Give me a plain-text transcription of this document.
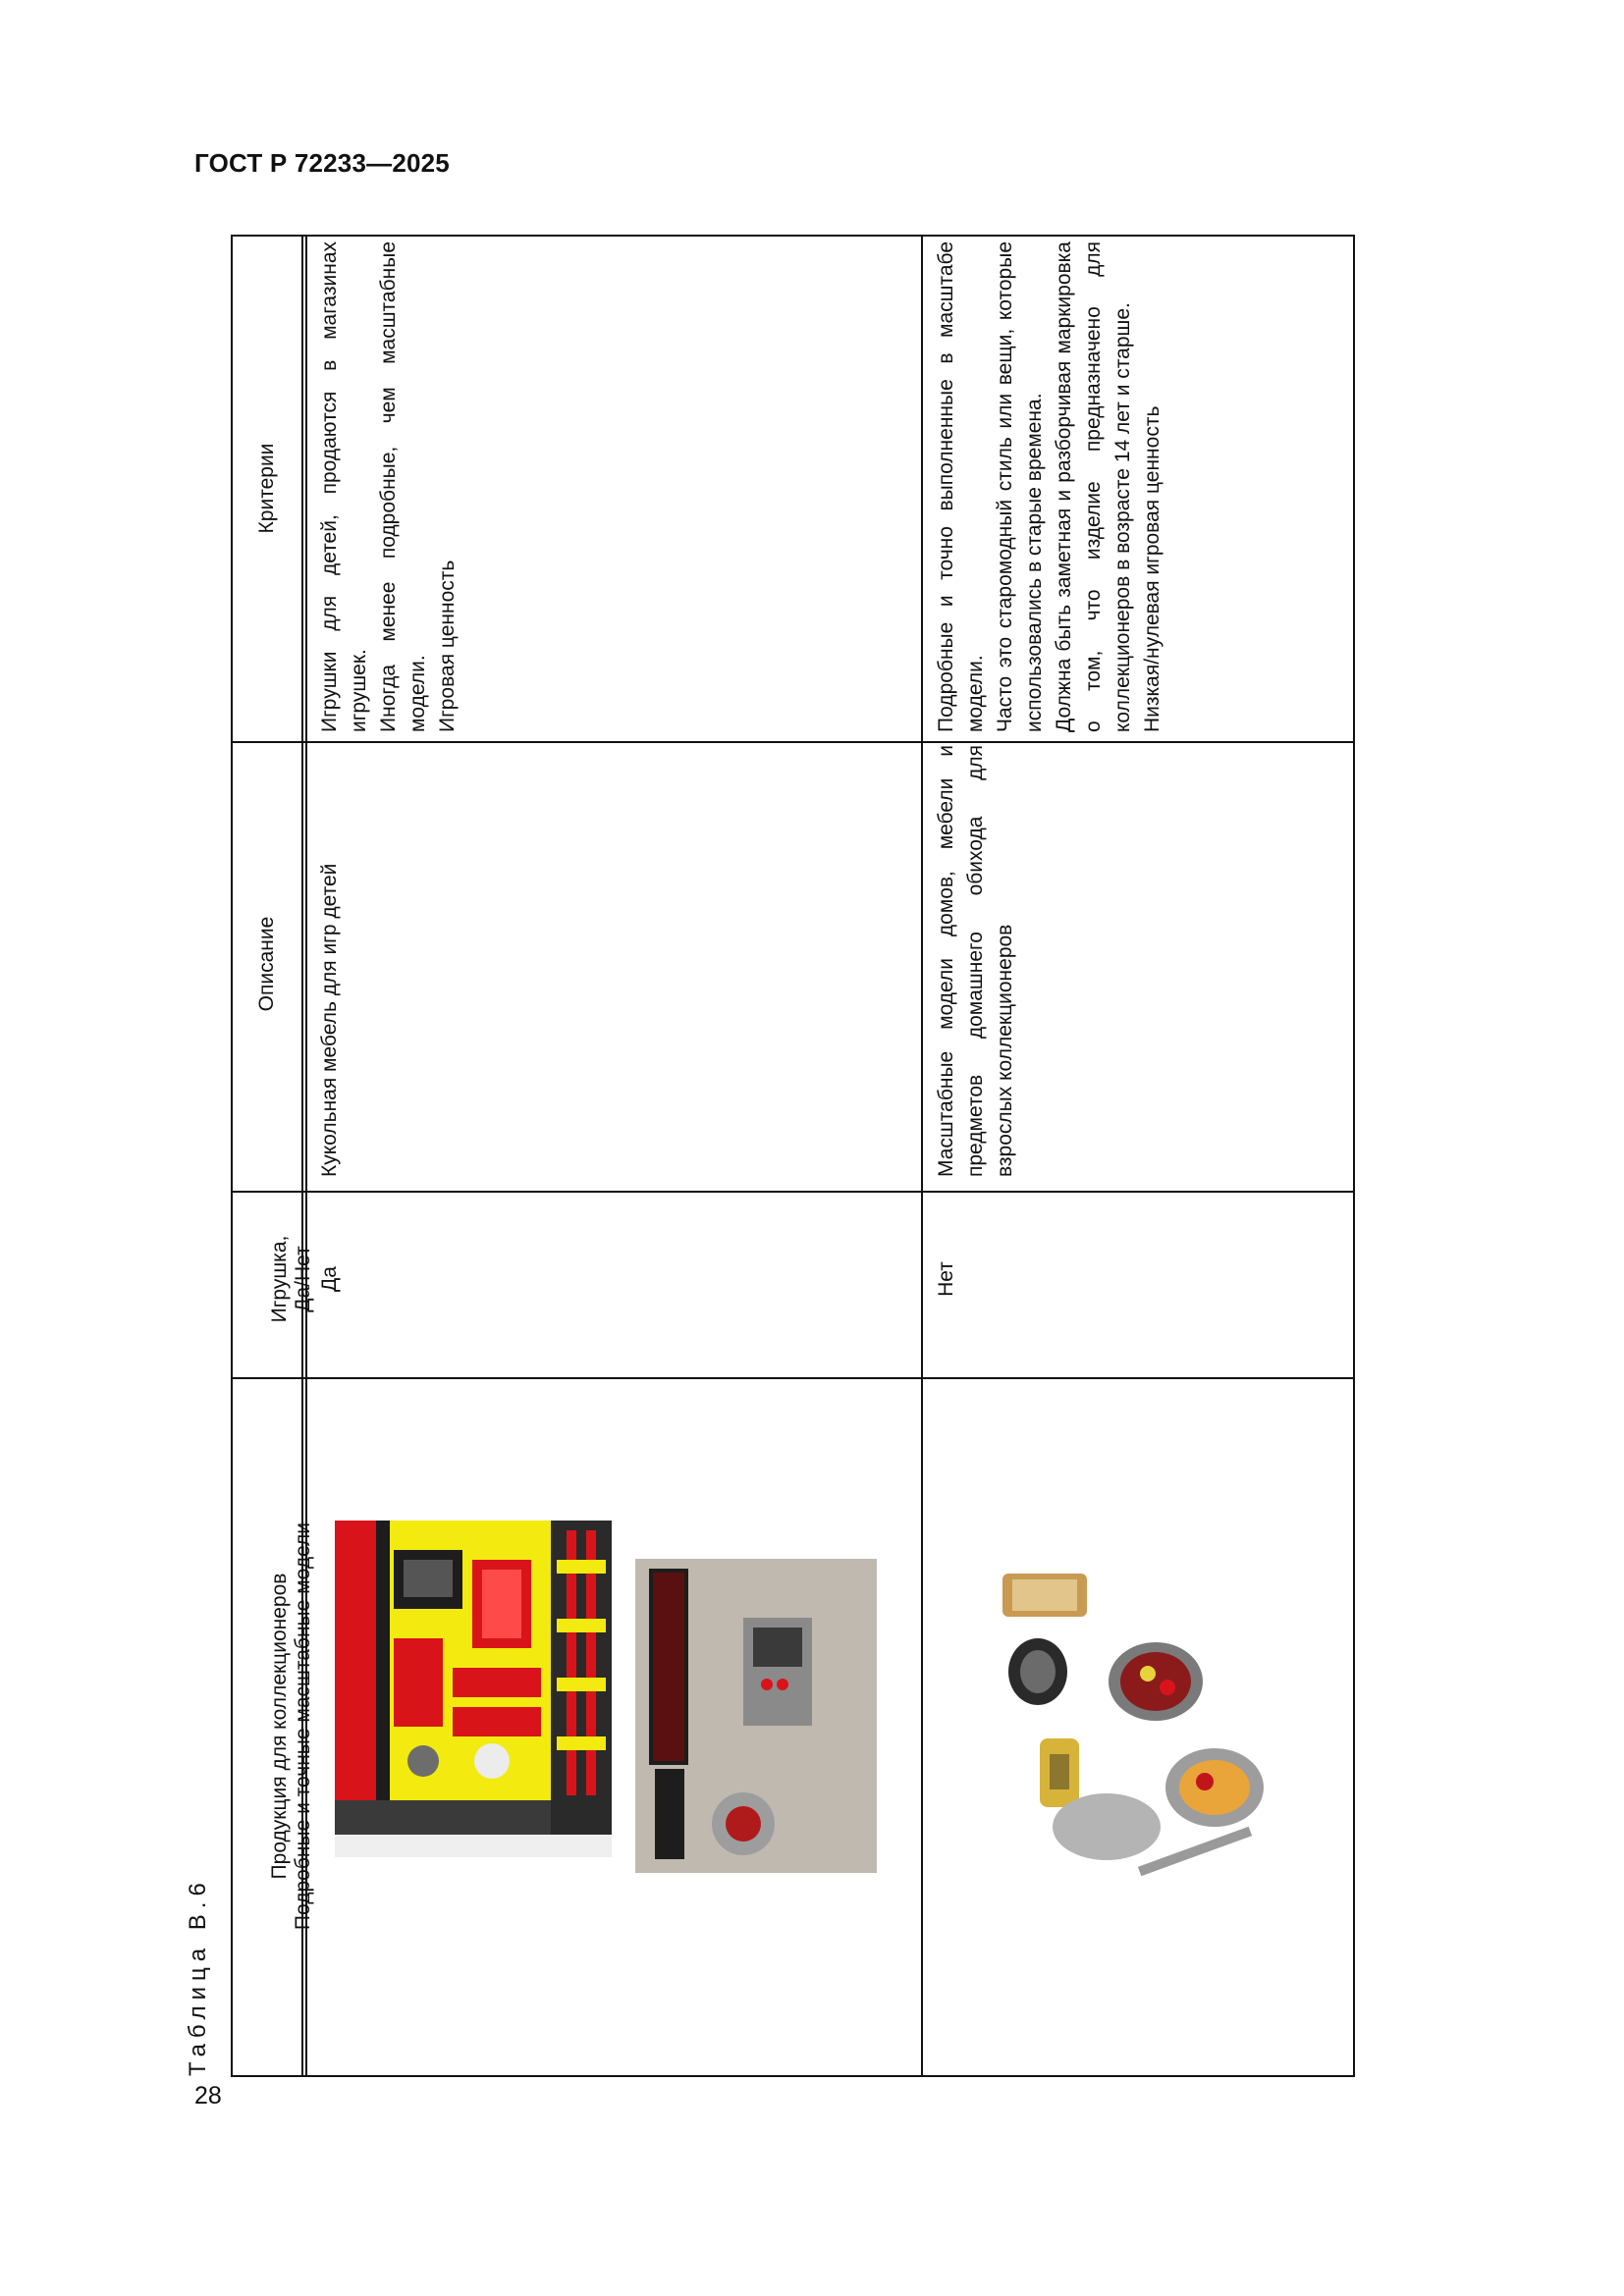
ГОСТ Р 72233—2025
28
Таблица В.6
Критерии
Описание

Игрушка,
Да/Нет

Продукция для коллекционеров
Подробные и точные масштабные модели

Игрушки для детей, продаются в магазинах игрушек. Иногда менее подробные, чем масштабные модели. Игровая ценность

Кукольная мебель для игр детей
Да

Подробные и точно выполненные в масштабе модели. Часто это старомодный стиль или вещи, которые использовались в старые времена. Должна быть заметная и разборчивая маркировка о том, что изделие предназначено для коллекционеров в возрасте 14 лет и старше. Низкая/нулевая игровая ценность

Масштабные модели домов, мебели и предметов домашнего обихода для взрослых коллекционеров
Нет
